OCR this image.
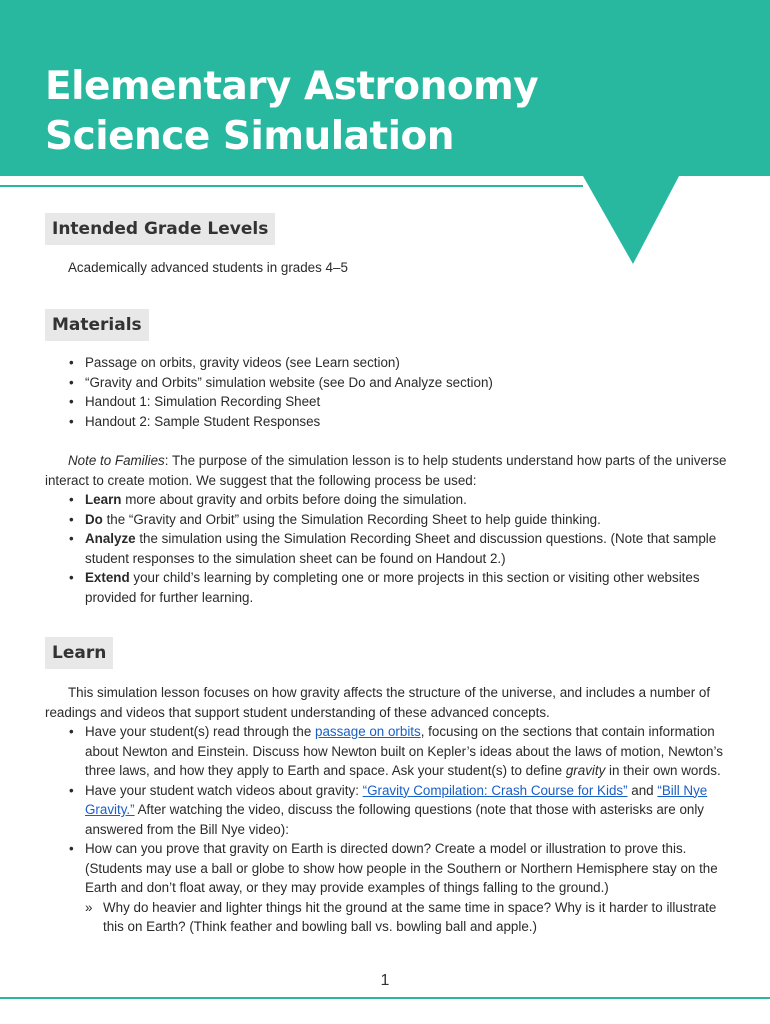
Elementary Astronomy
Science Simulation
Intended Grade Levels
Academically advanced students in grades 4–5
Materials
• Passage on orbits, gravity videos (see Learn section)
• “Gravity and Orbits” simulation website (see Do and Analyze section)
• Handout 1: Simulation Recording Sheet
• Handout 2: Sample Student Responses

Note to Families: The purpose of the simulation lesson is to help students understand how parts of the universe interact to create motion. We suggest that the following process be used:

• Learn more about gravity and orbits before doing the simulation.
• Do the “Gravity and Orbit” using the Simulation Recording Sheet to help guide thinking.
• Analyze the simulation using the Simulation Recording Sheet and discussion questions. (Note that sample student responses to the simulation sheet can be found on Handout 2.)
• Extend your child’s learning by completing one or more projects in this section or visiting other websites provided for further learning.
Learn

This simulation lesson focuses on how gravity affects the structure of the universe, and includes a number of readings and videos that support student understanding of these advanced concepts.

• Have your student(s) read through the passage on orbits, focusing on the sections that contain information about Newton and Einstein. Discuss how Newton built on Kepler’s ideas about the laws of motion, Newton’s three laws, and how they apply to Earth and space. Ask your student(s) to define gravity in their own words.
• Have your student watch videos about gravity: “Gravity Compilation: Crash Course for Kids” and “Bill Nye Gravity.” After watching the video, discuss the following questions (note that those with asterisks are only answered from the Bill Nye video):
• How can you prove that gravity on Earth is directed down? Create a model or illustration to prove this. (Students may use a ball or globe to show how people in the Southern or Northern Hemisphere stay on the Earth and don’t float away, or they may provide examples of things falling to the ground.)
» Why do heavier and lighter things hit the ground at the same time in space? Why is it harder to illustrate this on Earth? (Think feather and bowling ball vs. bowling ball and apple.)
1
